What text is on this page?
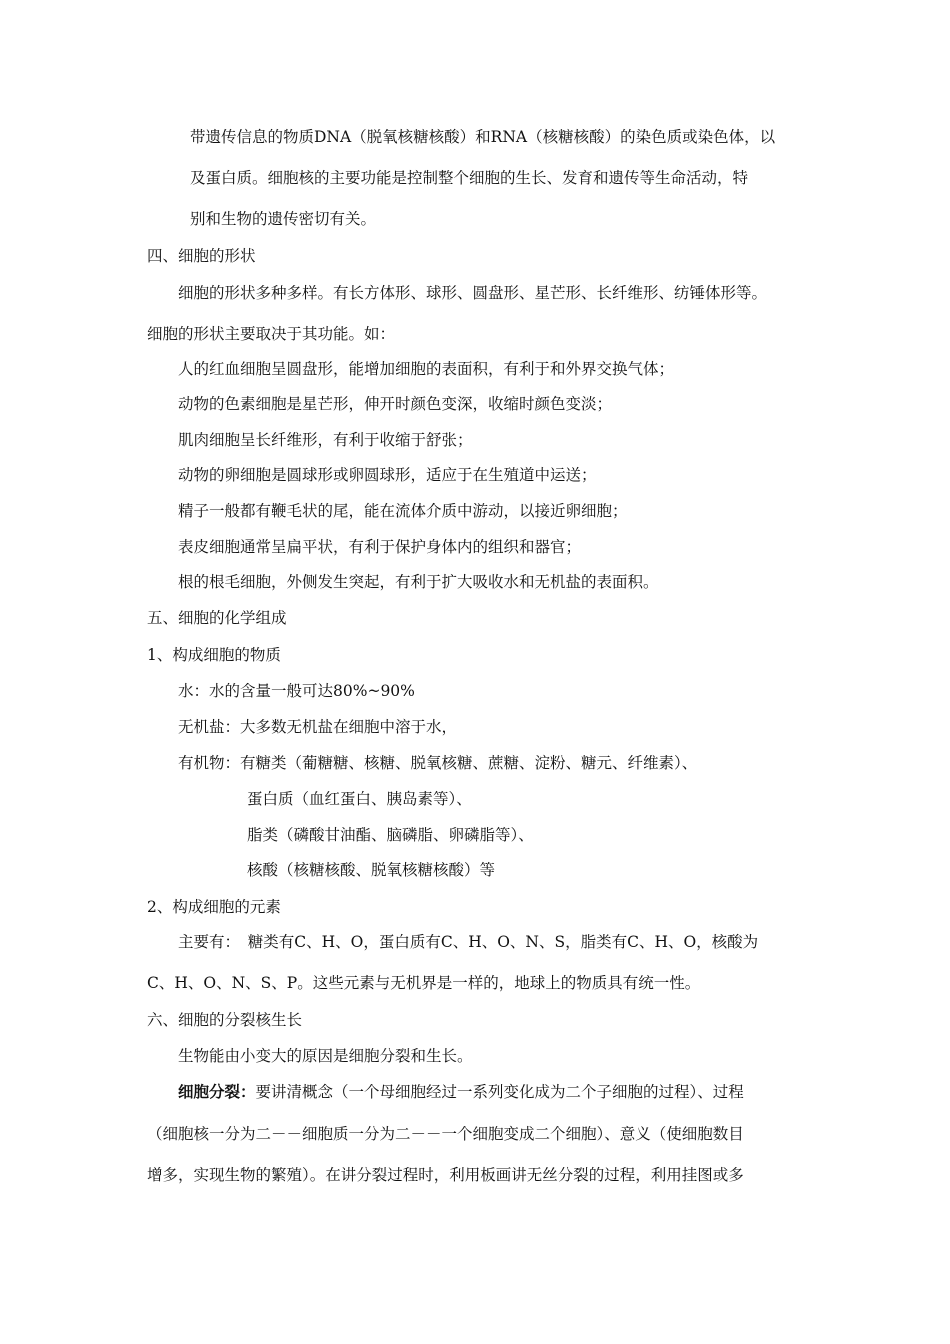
带遗传信息的物质DNA（脱氧核糖核酸）和RNA（核糖核酸）的染色质或染色体，以
及蛋白质。细胞核的主要功能是控制整个细胞的生长、发育和遗传等生命活动，特
别和生物的遗传密切有关。
四、细胞的形状
细胞的形状多种多样。有长方体形、球形、圆盘形、星芒形、长纤维形、纺锤体形等。
细胞的形状主要取决于其功能。如：
人的红血细胞呈圆盘形，能增加细胞的表面积，有利于和外界交换气体；
动物的色素细胞是星芒形，伸开时颜色变深，收缩时颜色变淡；
肌肉细胞呈长纤维形，有利于收缩于舒张；
动物的卵细胞是圆球形或卵圆球形，适应于在生殖道中运送；
精子一般都有鞭毛状的尾，能在流体介质中游动，以接近卵细胞；
表皮细胞通常呈扁平状，有利于保护身体内的组织和器官；
根的根毛细胞，外侧发生突起，有利于扩大吸收水和无机盐的表面积。
五、细胞的化学组成
1、构成细胞的物质
水：水的含量一般可达80%~90%
无机盐：大多数无机盐在细胞中溶于水，
有机物：有糖类（葡糖糖、核糖、脱氧核糖、蔗糖、淀粉、糖元、纤维素）、
蛋白质（血红蛋白、胰岛素等）、
脂类（磷酸甘油酯、脑磷脂、卵磷脂等）、
核酸（核糖核酸、脱氧核糖核酸）等
2、构成细胞的元素
主要有：　糖类有C、H、O，蛋白质有C、H、O、N、S，脂类有C、H、O，核酸为
C、H、O、N、S、P。这些元素与无机界是一样的，地球上的物质具有统一性。
六、细胞的分裂核生长
生物能由小变大的原因是细胞分裂和生长。
细胞分裂：要讲清概念（一个母细胞经过一系列变化成为二个子细胞的过程）、过程
（细胞核一分为二－－细胞质一分为二－－一个细胞变成二个细胞）、意义（使细胞数目
增多，实现生物的繁殖）。在讲分裂过程时，利用板画讲无丝分裂的过程，利用挂图或多
